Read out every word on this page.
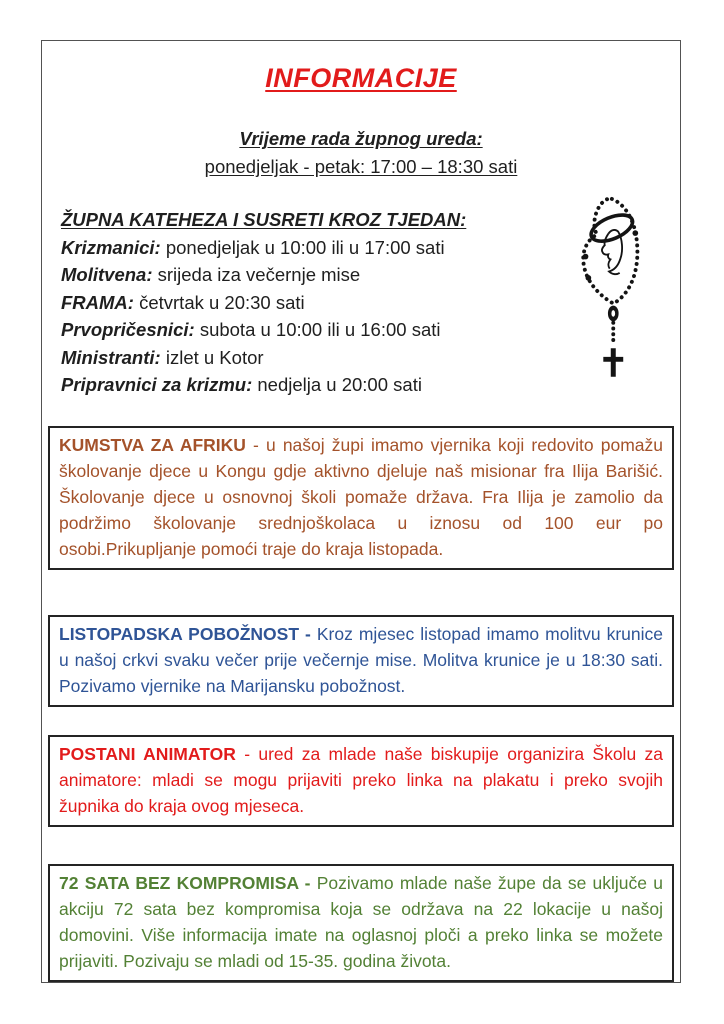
INFORMACIJE
Vrijeme rada župnog ureda:
ponedjeljak - petak: 17:00 – 18:30 sati
ŽUPNA KATEHEZA I SUSRETI KROZ TJEDAN:
Krizmanici: ponedjeljak u 10:00 ili u 17:00 sati
Molitvena: srijeda iza večernje mise
FRAMA: četvrtak u 20:30 sati
Prvopričesnici: subota u 10:00 ili u 16:00 sati
Ministranti: izlet u Kotor
Pripravnici za krizmu: nedjelja u 20:00 sati
KUMSTVA ZA AFRIKU - u našoj župi imamo vjernika koji redovito pomažu školovanje djece u Kongu gdje aktivno djeluje naš misionar fra Ilija Barišić. Školovanje djece u osnovnoj školi pomaže država. Fra Ilija je zamolio da podržimo školovanje srednjoškolaca u iznosu od 100 eur po osobi.Prikupljanje pomoći traje do kraja listopada.
LISTOPADSKA POBOŽNOST - Kroz mjesec listopad imamo molitvu krunice u našoj crkvi svaku večer prije večernje mise. Molitva krunice je u 18:30 sati. Pozivamo vjernike na Marijansku pobožnost.
POSTANI ANIMATOR - ured za mlade naše biskupije organizira Školu za animatore: mladi se mogu prijaviti preko linka na plakatu i preko svojih župnika do kraja ovog mjeseca.
72 SATA BEZ KOMPROMISA - Pozivamo mlade naše župe da se uključe u akciju 72 sata bez kompromisa koja se održava na 22 lokacije u našoj domovini. Više informacija imate na oglasnoj ploči a preko linka se možete prijaviti. Pozivaju se mladi od 15-35. godina života.
